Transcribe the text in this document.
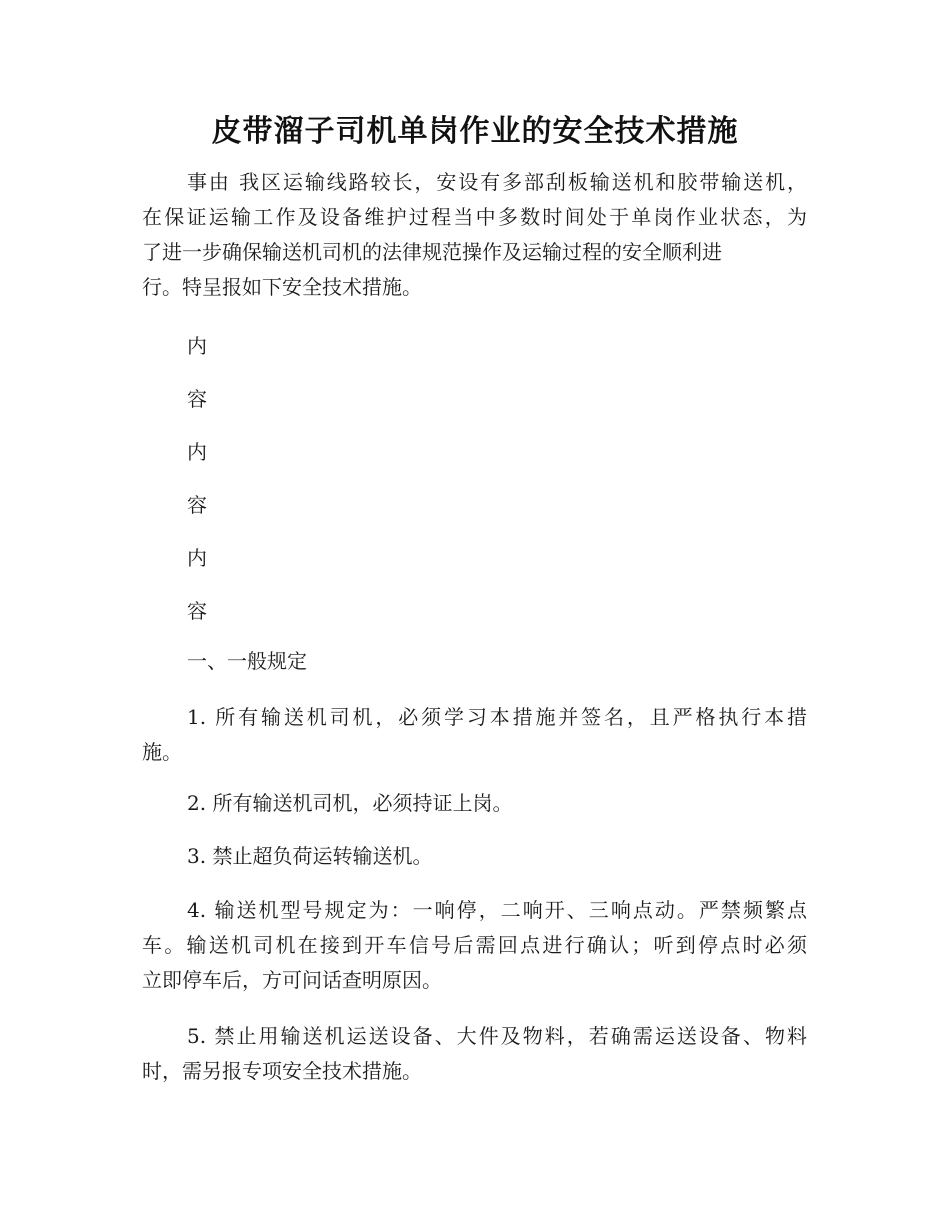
皮带溜子司机单岗作业的安全技术措施
事由 我区运输线路较长，安设有多部刮板输送机和胶带输送机，
在保证运输工作及设备维护过程当中多数时间处于单岗作业状态，为
了进一步确保输送机司机的法律规范操作及运输过程的安全顺利进
行。特呈报如下安全技术措施。
内
容
内
容
内
容
一、一般规定
1. 所有输送机司机，必须学习本措施并签名，且严格执行本措
施。
2. 所有输送机司机，必须持证上岗。
3. 禁止超负荷运转输送机。
4. 输送机型号规定为：一响停，二响开、三响点动。严禁频繁点
车。输送机司机在接到开车信号后需回点进行确认；听到停点时必须
立即停车后，方可问话查明原因。
5. 禁止用输送机运送设备、大件及物料，若确需运送设备、物料
时，需另报专项安全技术措施。
